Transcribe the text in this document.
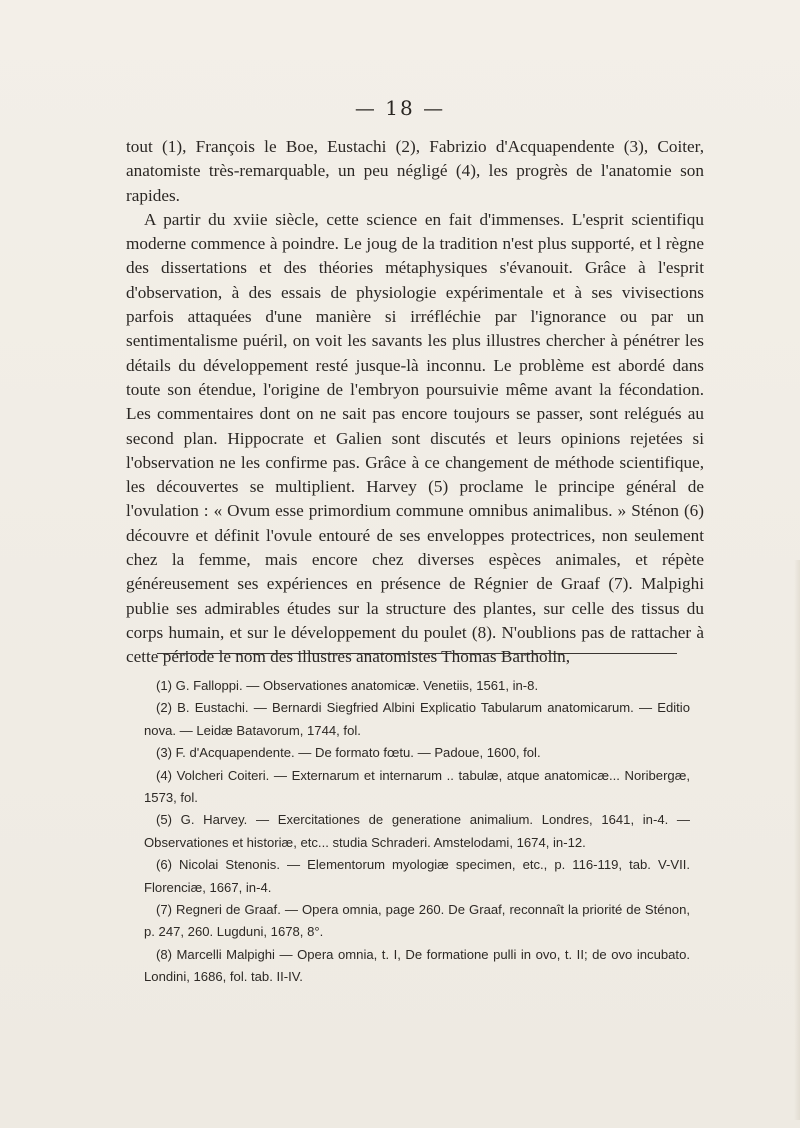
— 18 —

tout (1), François le Boe, Eustachi (2), Fabrizio d'Acquapendente (3), Coiter, anatomiste très-remarquable, un peu négligé (4), les progrès de l'anatomie son rapides.

A partir du xviie siècle, cette science en fait d'immenses. L'esprit scientifiqu moderne commence à poindre. Le joug de la tradition n'est plus supporté, et l règne des dissertations et des théories métaphysiques s'évanouit. Grâce à l'esprit d'observation, à des essais de physiologie expérimentale et à ses vivisections parfois attaquées d'une manière si irréfléchie par l'ignorance ou par un sentimentalisme puéril, on voit les savants les plus illustres chercher à pénétrer les détails du développement resté jusque-là inconnu. Le problème est abordé dans toute son étendue, l'origine de l'embryon poursuivie même avant la fécondation. Les commentaires dont on ne sait pas encore toujours se passer, sont relégués au second plan. Hippocrate et Galien sont discutés et leurs opinions rejetées si l'observation ne les confirme pas. Grâce à ce changement de méthode scientifique, les découvertes se multiplient. Harvey (5) proclame le principe général de l'ovulation : « Ovum esse primordium commune omnibus animalibus. » Sténon (6) découvre et définit l'ovule entouré de ses enveloppes protectrices, non seulement chez la femme, mais encore chez diverses espèces animales, et répète généreusement ses expériences en présence de Régnier de Graaf (7). Malpighi publie ses admirables études sur la structure des plantes, sur celle des tissus du corps humain, et sur le développement du poulet (8). N'oublions pas de rattacher à cette période le nom des illustres anatomistes Thomas Bartholin,

(1) G. Falloppi. — Observationes anatomicæ. Venetiis, 1561, in-8.

(2) B. Eustachi. — Bernardi Siegfried Albini Explicatio Tabularum anatomicarum. — Editio nova. — Leidæ Batavorum, 1744, fol.

(3) F. d'Acquapendente. — De formato fœtu. — Padoue, 1600, fol.

(4) Volcheri Coiteri. — Externarum et internarum .. tabulæ, atque anatomicæ... Noribergæ, 1573, fol.

(5) G. Harvey. — Exercitationes de generatione animalium. Londres, 1641, in-4. — Observationes et historiæ, etc... studia Schraderi. Amstelodami, 1674, in-12.

(6) Nicolai Stenonis. — Elementorum myologiæ specimen, etc., p. 116-119, tab. V-VII. Florenciæ, 1667, in-4.

(7) Regneri de Graaf. — Opera omnia, page 260. De Graaf, reconnaît la priorité de Sténon, p. 247, 260. Lugduni, 1678, 8°.

(8) Marcelli Malpighi — Opera omnia, t. I, De formatione pulli in ovo, t. II; de ovo incubato. Londini, 1686, fol. tab. II-IV.
